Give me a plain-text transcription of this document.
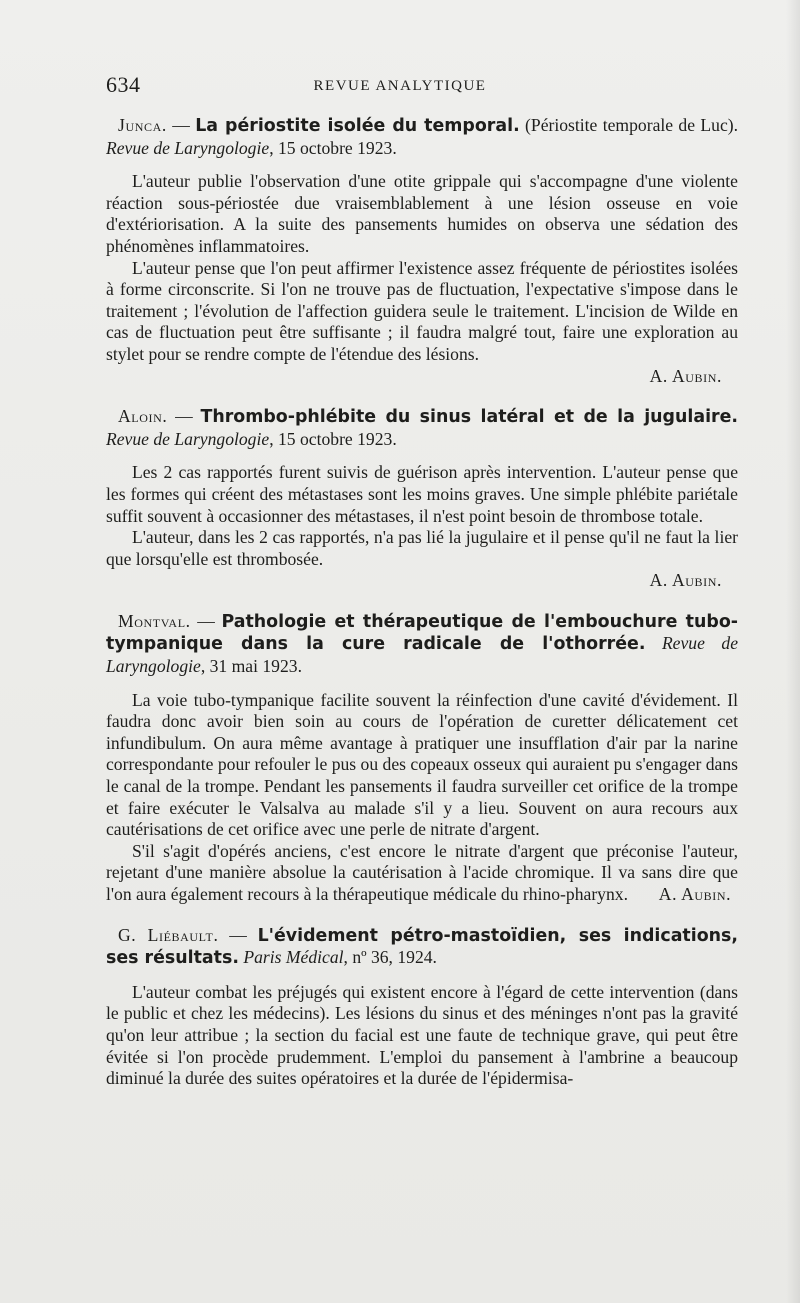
634	REVUE ANALYTIQUE

Junca. — La périostite isolée du temporal. (Périostite temporale de Luc). Revue de Laryngologie, 15 octobre 1923.

L'auteur publie l'observation d'une otite grippale qui s'accompagne d'une violente réaction sous-périostée due vraisemblablement à une lésion osseuse en voie d'extériorisation. A la suite des pansements humides on observa une sédation des phénomènes inflammatoires.

L'auteur pense que l'on peut affirmer l'existence assez fréquente de périostites isolées à forme circonscrite. Si l'on ne trouve pas de fluctuation, l'expectative s'impose dans le traitement ; l'évolution de l'affection guidera seule le traitement. L'incision de Wilde en cas de fluctuation peut être suffisante ; il faudra malgré tout, faire une exploration au stylet pour se rendre compte de l'étendue des lésions.

A. Aubin.

Aloin. — Thrombo-phlébite du sinus latéral et de la jugulaire. Revue de Laryngologie, 15 octobre 1923.

Les 2 cas rapportés furent suivis de guérison après intervention. L'auteur pense que les formes qui créent des métastases sont les moins graves. Une simple phlébite pariétale suffit souvent à occasionner des métastases, il n'est point besoin de thrombose totale.

L'auteur, dans les 2 cas rapportés, n'a pas lié la jugulaire et il pense qu'il ne faut la lier que lorsqu'elle est thrombosée.

A. Aubin.

Montval. — Pathologie et thérapeutique de l'embouchure tubo-tympanique dans la cure radicale de l'othorrée. Revue de Laryngologie, 31 mai 1923.

La voie tubo-tympanique facilite souvent la réinfection d'une cavité d'évidement. Il faudra donc avoir bien soin au cours de l'opération de curetter délicatement cet infundibulum. On aura même avantage à pratiquer une insufflation d'air par la narine correspondante pour refouler le pus ou des copeaux osseux qui auraient pu s'engager dans le canal de la trompe. Pendant les pansements il faudra surveiller cet orifice de la trompe et faire exécuter le Valsalva au malade s'il y a lieu. Souvent on aura recours aux cautérisations de cet orifice avec une perle de nitrate d'argent.

S'il s'agit d'opérés anciens, c'est encore le nitrate d'argent que préconise l'auteur, rejetant d'une manière absolue la cautérisation à l'acide chromique. Il va sans dire que l'on aura également recours à la thérapeutique médicale du rhino-pharynx. A. Aubin.

G. Liébault. — L'évidement pétro-mastoïdien, ses indications, ses résultats. Paris Médical, nº 36, 1924.

L'auteur combat les préjugés qui existent encore à l'égard de cette intervention (dans le public et chez les médecins). Les lésions du sinus et des méninges n'ont pas la gravité qu'on leur attribue ; la section du facial est une faute de technique grave, qui peut être évitée si l'on procède prudemment. L'emploi du pansement à l'ambrine a beaucoup diminué la durée des suites opératoires et la durée de l'épidermisa-
